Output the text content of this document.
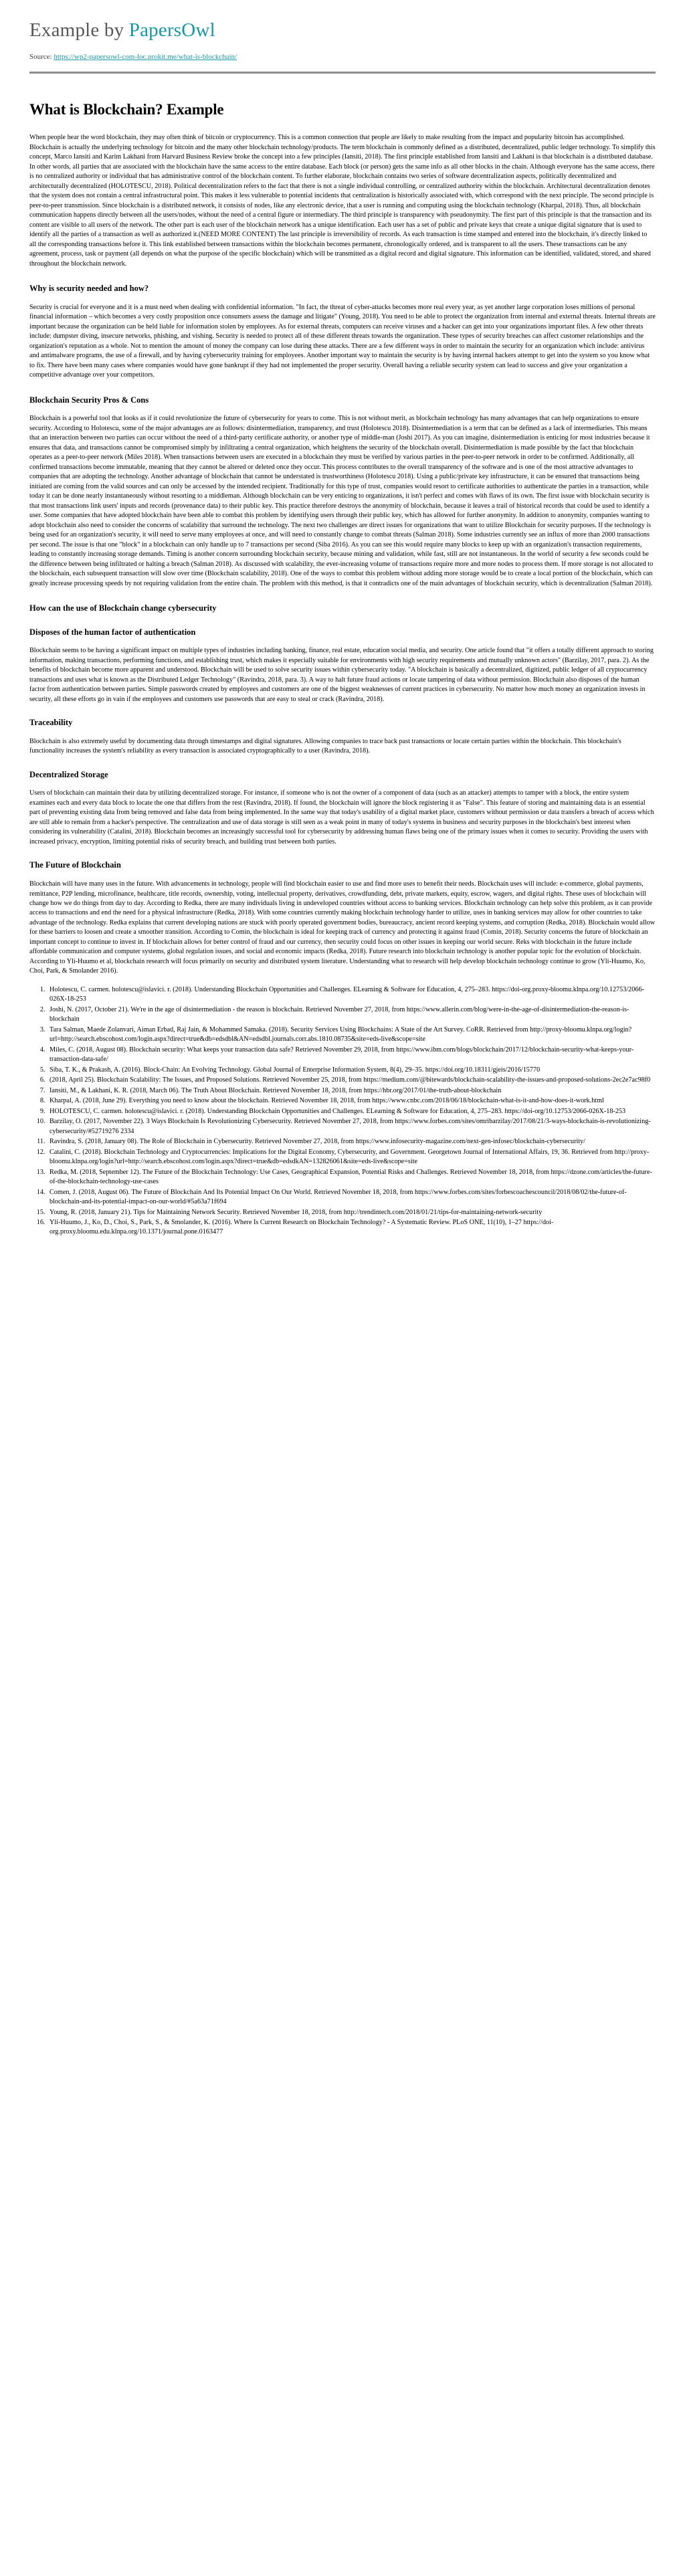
Example by PapersOwl
Source: https://wp2-papersowl-com-loc.prokit.me/what-is-blockchain/
What is Blockchain? Example

When people hear the word blockchain, they may often think of bitcoin or cryptocurrency. This is a common connection that people are likely to make resulting from the impact and popularity bitcoin has accomplished. Blockchain is actually the underlying technology for bitcoin and the many other blockchain technology/products. The term blockchain is commonly defined as a distributed, decentralized, public ledger technology. To simplify this concept, Marco Iansiti and Karim Lakhani from Harvard Business Review broke the concept into a few principles (Iansiti, 2018). The first principle established from Iansiti and Lakhani is that blockchain is a distributed database. In other words, all parties that are associated with the blockchain have the same access to the entire database. Each block (or person) gets the same info as all other blocks in the chain. Although everyone has the same access, there is no centralized authority or individual that has administrative control of the blockchain content. To further elaborate, blockchain contains two series of software decentralization aspects, politically decentralized and architecturally decentralized (HOLOTESCU, 2018). Political decentralization refers to the fact that there is not a single individual controlling, or centralized authority within the blockchain. Architectural decentralization denotes that the system does not contain a central infrastructural point. This makes it less vulnerable to potential incidents that centralization is historically associated with, which correspond with the next principle. The second principle is peer-to-peer transmission. Since blockchain is a distributed network, it consists of nodes, like any electronic device, that a user is running and computing using the blockchain technology (Kharpal, 2018). Thus, all blockchain communication happens directly between all the users/nodes, without the need of a central figure or intermediary. The third principle is transparency with pseudonymity. The first part of this principle is that the transaction and its content are visible to all users of the network. The other part is each user of the blockchain network has a unique identification. Each user has a set of public and private keys that create a unique digital signature that is used to identify all the parties of a transaction as well as authorized it.(NEED MORE CONTENT) The last principle is irreversibility of records. As each transaction is time stamped and entered into the blockchain, it's directly linked to all the corresponding transactions before it. This link established between transactions within the blockchain becomes permanent, chronologically ordered, and is transparent to all the users. These transactions can be any agreement, process, task or payment (all depends on what the purpose of the specific blockchain) which will be transmitted as a digital record and digital signature. This information can be identified, validated, stored, and shared throughout the blockchain network.

Why is security needed and how?

Security is crucial for everyone and it is a must need when dealing with confidential information. "In fact, the threat of cyber-attacks becomes more real every year, as yet another large corporation loses millions of personal financial information – which becomes a very costly proposition once consumers assess the damage and litigate" (Young, 2018). You need to be able to protect the organization from internal and external threats. Internal threats are important because the organization can be held liable for information stolen by employees. As for external threats, computers can receive viruses and a hacker can get into your organizations important files. A few other threats include: dumpster diving, insecure networks, phishing, and vishing. Security is needed to protect all of these different threats towards the organization. These types of security breaches can affect customer relationships and the organization's reputation as a whole. Not to mention the amount of money the company can lose during these attacks. There are a few different ways in order to maintain the security for an organization which include: antivirus and antimalware programs, the use of a firewall, and by having cybersecurity training for employees. Another important way to maintain the security is by having internal hackers attempt to get into the system so you know what to fix. There have been many cases where companies would have gone bankrupt if they had not implemented the proper security. Overall having a reliable security system can lead to success and give your organization a competitive advantage over your competitors.

Blockchain Security Pros & Cons

Blockchain is a powerful tool that looks as if it could revolutionize the future of cybersecurity for years to come. This is not without merit, as blockchain technology has many advantages that can help organizations to ensure security. According to Holotescu, some of the major advantages are as follows: disintermediation, transparency, and trust (Holotescu 2018). Disintermediation is a term that can be defined as a lack of intermediaries. This means that an interaction between two parties can occur without the need of a third-party certificate authority, or another type of middle-man (Joshi 2017). As you can imagine, disintermediation is enticing for most industries because it ensures that data, and transactions cannot be compromised simply by infiltrating a central organization, which heightens the security of the blockchain overall. Disintermediation is made possible by the fact that blockchain operates as a peer-to-peer network (Miles 2018). When transactions between users are executed in a blockchain they must be verified by various parties in the peer-to-peer network in order to be confirmed. Additionally, all confirmed transactions become immutable, meaning that they cannot be altered or deleted once they occur. This process contributes to the overall transparency of the software and is one of the most attractive advantages to companies that are adopting the technology. Another advantage of blockchain that cannot be understated is trustworthiness (Holotescu 2018). Using a public/private key infrastructure, it can be ensured that transactions being initiated are coming from the valid sources and can only be accessed by the intended recipient. Traditionally for this type of trust, companies would resort to certificate authorities to authenticate the parties in a transaction, while today it can be done nearly instantaneously without resorting to a middleman. Although blockchain can be very enticing to organizations, it isn't perfect and comes with flaws of its own. The first issue with blockchain security is that most transactions link users' inputs and records (provenance data) to their public key. This practice therefore destroys the anonymity of blockchain, because it leaves a trail of historical records that could be used to identify a user. Some companies that have adopted blockchain have been able to combat this problem by identifying users through their public key, which has allowed for further anonymity. In addition to anonymity, companies wanting to adopt blockchain also need to consider the concerns of scalability that surround the technology. The next two challenges are direct issues for organizations that want to utilize Blockchain for security purposes. If the technology is being used for an organization's security, it will need to serve many employees at once, and will need to constantly change to combat threats (Salman 2018). Some industries currently see an influx of more than 2000 transactions per second. The issue is that one "block" in a blockchain can only handle up to 7 transactions per second (Siba 2016). As you can see this would require many blocks to keep up with an organization's transaction requirements, leading to constantly increasing storage demands. Timing is another concern surrounding blockchain security, because mining and validation, while fast, still are not instantaneous. In the world of security a few seconds could be the difference between being infiltrated or halting a breach (Salman 2018). As discussed with scalability, the ever-increasing volume of transactions require more and more nodes to process them. If more storage is not allocated to the blockchain, each subsequent transaction will slow over time (Blockchain scalability, 2018). One of the ways to combat this problem without adding more storage would be to create a local portion of the blockchain, which can greatly increase processing speeds by not requiring validation from the entire chain. The problem with this method, is that it contradicts one of the main advantages of blockchain security, which is decentralization (Salman 2018).

How can the use of Blockchain change cybersecurity
Disposes of the human factor of authentication

Blockchain seems to be having a significant impact on multiple types of industries including banking, finance, real estate, education social media, and security. One article found that "it offers a totally different approach to storing information, making transactions, performing functions, and establishing trust, which makes it especially suitable for environments with high security requirements and mutually unknown actors" (Barzilay, 2017, para. 2). As the benefits of blockchain become more apparent and understood. Blockchain will be used to solve security issues within cybersecurity today. "A blockchain is basically a decentralized, digitized, public ledger of all cryptocurrency transactions and uses what is known as the Distributed Ledger Technology" (Ravindra, 2018, para. 3). A way to halt future fraud actions or locate tampering of data without permission. Blockchain also disposes of the human factor from authentication between parties. Simple passwords created by employees and customers are one of the biggest weaknesses of current practices in cybersecurity. No matter how much money an organization invests in security, all these efforts go in vain if the employees and customers use passwords that are easy to steal or crack (Ravindra, 2018).

Traceability

Blockchain is also extremely useful by documenting data through timestamps and digital signatures. Allowing companies to trace back past transactions or locate certain parties within the blockchain. This blockchain's functionality increases the system's reliability as every transaction is associated cryptographically to a user (Ravindra, 2018).

Decentralized Storage

Users of blockchain can maintain their data by utilizing decentralized storage. For instance, if someone who is not the owner of a component of data (such as an attacker) attempts to tamper with a block, the entire system examines each and every data block to locate the one that differs from the rest (Ravindra, 2018). If found, the blockchain will ignore the block registering it as "False". This feature of storing and maintaining data is an essential part of preventing existing data from being removed and false data from being implemented. In the same way that today's usability of a digital market place, customers without permission or data transfers a breach of access which are still able to remain from a hacker's perspective. The centralization and use of data storage is still seen as a weak point in many of today's systems in business and security purposes in the blockchain's best interest when considering its vulnerability (Catalini, 2018). Blockchain becomes an increasingly successful tool for cybersecurity by addressing human flaws being one of the primary issues when it comes to security. Providing the users with increased privacy, encryption, limiting potential risks of security breach, and building trust between both parties.

The Future of Blockchain

Blockchain will have many uses in the future. With advancements in technology, people will find blockchain easier to use and find more uses to benefit their needs. Blockchain uses will include: e-commerce, global payments, remittance, P2P lending, microfinance, healthcare, title records, ownership, voting, intellectual property, derivatives, crowdfunding, debt, private markets, equity, escrow, wagers, and digital rights. These uses of blockchain will change how we do things from day to day. According to Redka, there are many individuals living in undeveloped countries without access to banking services. Blockchain technology can help solve this problem, as it can provide access to transactions and end the need for a physical infrastructure (Redka, 2018). With some countries currently making blockchain technology harder to utilize, uses in banking services may allow for other countries to take advantage of the technology. Redka explains that current developing nations are stuck with poorly operated government bodies, bureaucracy, ancient record keeping systems, and corruption (Redka, 2018). Blockchain would allow for these barriers to loosen and create a smoother transition. According to Comin, the blockchain is ideal for keeping track of currency and protecting it against fraud (Comin, 2018). Security concerns the future of blockchain an important concept to continue to invest in. If blockchain allows for better control of fraud and our currency, then security could focus on other issues in keeping our world secure. Reks with blockchain in the future include affordable communication and computer systems, global regulation issues, and social and economic impacts (Redka, 2018). Future research into blockchain technology is another popular topic for the evolution of blockchain. According to Yli-Huumo et al, blockchain research will focus primarily on security and distributed system literature. Understanding what to research will help develop blockchain technology continue to grow (Yli-Huumo, Ko, Choi, Park, & Smolander 2016).

1. Holotescu, C. carmen. holotescu@islavici. r. (2018). Understanding Blockchain Opportunities and Challenges. ELearning & Software for Education, 4, 275–283. https://doi-org.proxy-bloomu.klnpa.org/10.12753/2066-026X-18-253
2. Joshi, N. (2017, October 21). We're in the age of disintermediation - the reason is blockchain. Retrieved November 27, 2018, from https://www.allerin.com/blog/were-in-the-age-of-disintermediation-the-reason-is-blockchain
3. Tara Salman, Maede Zolanvari, Aiman Erbad, Raj Jain, & Mohammed Samaka. (2018). Security Services Using Blockchains: A State of the Art Survey. CoRR. Retrieved from http://proxy-bloomu.klnpa.org/login?url=http://search.ebscohost.com/login.aspx?direct=true&db=edsdbl&AN=edsdbl.journals.corr.abs.1810.08735&site=eds-live&scope=site
4. Miles, C. (2018, August 08). Blockchain security: What keeps your transaction data safe? Retrieved November 29, 2018, from https://www.ibm.com/blogs/blockchain/2017/12/blockchain-security-what-keeps-your-transaction-data-safe/
5. Siba, T. K., & Prakash, A. (2016). Block-Chain: An Evolving Technology. Global Journal of Enterprise Information System, 8(4), 29–35. https://doi.org/10.18311/gjeis/2016/15770
6. (2018, April 25). Blockchain Scalability: The Issues, and Proposed Solutions. Retrieved November 25, 2018, from https://medium.com/@bitewards/blockchain-scalability-the-issues-and-proposed-solutions-2ec2e7ac98f0
7. Iansiti, M., & Lakhani, K. R. (2018, March 06). The Truth About Blockchain. Retrieved November 18, 2018, from https://hbr.org/2017/01/the-truth-about-blockchain
8. Kharpal, A. (2018, June 29). Everything you need to know about the blockchain. Retrieved November 18, 2018, from https://www.cnbc.com/2018/06/18/blockchain-what-is-it-and-how-does-it-work.html
9. HOLOTESCU, C. carmen. holotescu@islavici. r. (2018). Understanding Blockchain Opportunities and Challenges. ELearning & Software for Education, 4, 275–283. https://doi-org/10.12753/2066-026X-18-253
10. Barzilay, O. (2017, November 22). 3 Ways Blockchain Is Revolutionizing Cybersecurity. Retrieved November 27, 2018, from https://www.forbes.com/sites/omribarzilay/2017/08/21/3-ways-blockchain-is-revolutionizing-cybersecurity/#52719276 2334
11. Ravindra, S. (2018, January 08). The Role of Blockchain in Cybersecurity. Retrieved November 27, 2018, from https://www.infosecurity-magazine.com/next-gen-infosec/blockchain-cybersecurity/
12. Catalini, C. (2018). Blockchain Technology and Cryptocurrencies: Implications for the Digital Economy, Cybersecurity, and Government. Georgetown Journal of International Affairs, 19, 36. Retrieved from http://proxy-bloomu.klnpa.org/login?url=http://search.ebscohost.com/login.aspx?direct=true&db=edsdkAN=132826061&site=eds-live&scope=site
13. Redka, M. (2018, September 12). The Future of the Blockchain Technology: Use Cases, Geographical Expansion, Potential Risks and Challenges. Retrieved November 18, 2018, from https://dzone.com/articles/the-future-of-the-blockchain-technology-use-cases
14. Comen, J. (2018, August 06). The Future of Blockchain And Its Potential Impact On Our World. Retrieved November 18, 2018, from https://www.forbes.com/sites/forbescoachescouncil/2018/08/02/the-future-of-blockchain-and-its-potential-impact-on-our-world/#5a63a71f694
15. Young, R. (2018, January 21). Tips for Maintaining Network Security. Retrieved November 18, 2018, from http://trendintech.com/2018/01/21/tips-for-maintaining-network-security
16. Yli-Huumo, J., Ko, D., Choi, S., Park, S., & Smolander, K. (2016). Where Is Current Research on Blockchain Technology? - A Systematic Review. PLoS ONE, 11(10), 1–27 https://doi-org.proxy.bloomu.edu.klnpa.org/10.1371/journal.pone.0163477
